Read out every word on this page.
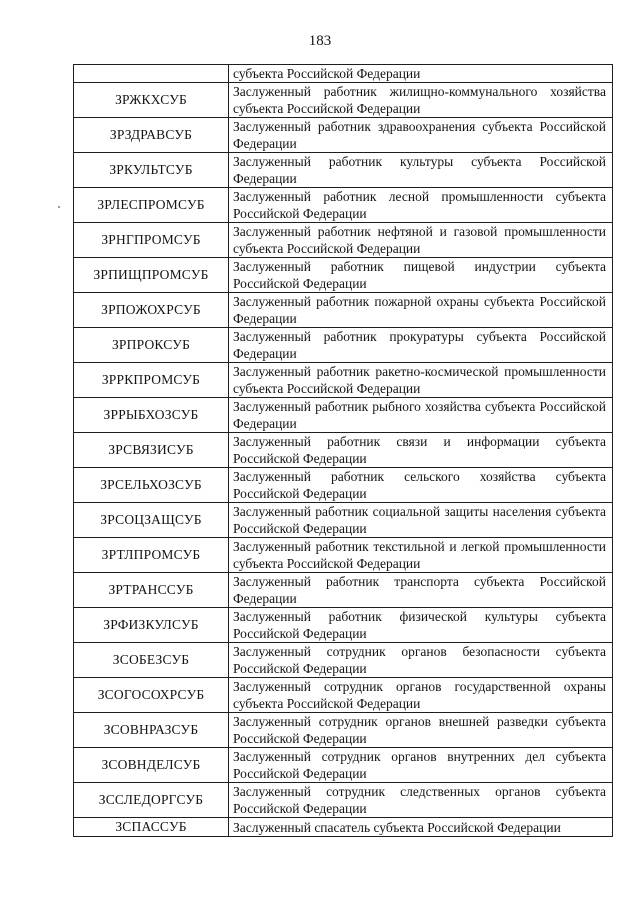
183
	субъекта Российской Федерации
ЗРЖКХСУБ	Заслуженный работник жилищно-коммунального хозяйства субъекта Российской Федерации
ЗРЗДРАВСУБ	Заслуженный работник здравоохранения субъекта Российской Федерации
ЗРКУЛЬТСУБ	Заслуженный работник культуры субъекта Российской Федерации
ЗРЛЕСПРОМСУБ	Заслуженный работник лесной промышленности субъекта Российской Федерации
ЗРНГПРОМСУБ	Заслуженный работник нефтяной и газовой промышленности субъекта Российской Федерации
ЗРПИЩПРОМСУБ	Заслуженный работник пищевой индустрии субъекта Российской Федерации
ЗРПОЖОХРСУБ	Заслуженный работник пожарной охраны субъекта Российской Федерации
ЗРПРОКСУБ	Заслуженный работник прокуратуры субъекта Российской Федерации
ЗРРКПРОМСУБ	Заслуженный работник ракетно-космической промышленности субъекта Российской Федерации
ЗРРЫБХОЗСУБ	Заслуженный работник рыбного хозяйства субъекта Российской Федерации
ЗРСВЯЗИСУБ	Заслуженный работник связи и информации субъекта Российской Федерации
ЗРСЕЛЬХОЗСУБ	Заслуженный работник сельского хозяйства субъекта Российской Федерации
ЗРСОЦЗАЩСУБ	Заслуженный работник социальной защиты населения субъекта Российской Федерации
ЗРТЛПРОМСУБ	Заслуженный работник текстильной и легкой промышленности субъекта Российской Федерации
ЗРТРАНССУБ	Заслуженный работник транспорта субъекта Российской Федерации
ЗРФИЗКУЛСУБ	Заслуженный работник физической культуры субъекта Российской Федерации
ЗСОБЕЗСУБ	Заслуженный сотрудник органов безопасности субъекта Российской Федерации
ЗСОГОСОХРСУБ	Заслуженный сотрудник органов государственной охраны субъекта Российской Федерации
ЗСОВНРАЗСУБ	Заслуженный сотрудник органов внешней разведки субъекта Российской Федерации
ЗСОВНДЕЛСУБ	Заслуженный сотрудник органов внутренних дел субъекта Российской Федерации
ЗССЛЕДОРГСУБ	Заслуженный сотрудник следственных органов субъекта Российской Федерации
ЗСПАССУБ	Заслуженный спасатель субъекта Российской Федерации
